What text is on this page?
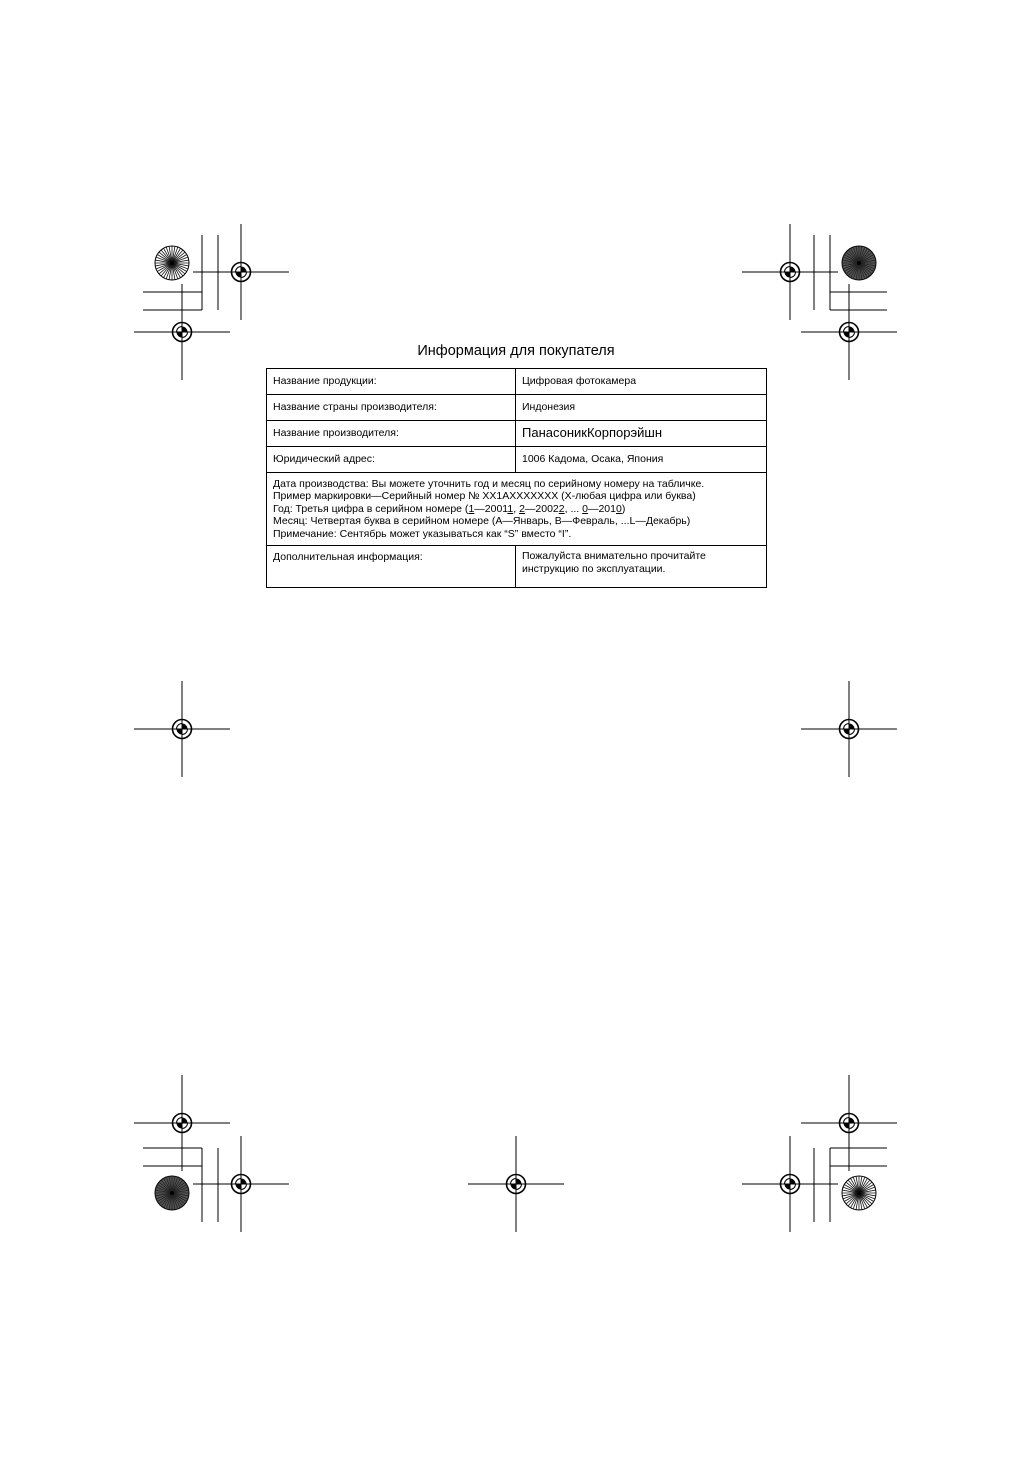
Информация для покупателя
Название продукции:	Цифровая фотокамера
Название страны производителя:	Индонезия
Название производителя:	ПанасоникКорпорэйшн
Юридический адрес:	1006 Кадома, Осака, Япония

Дата производства: Вы можете уточнить год и месяц по серийному номеру на табличке.
Пример маркировки—Серийный номер № XX1AXXXXXXX (X-любая цифра или буква)
Год: Третья цифра в серийном номере (1—20011, 2—20022, ... 0—2010)
Месяц: Четвертая буква в серийном номере (A—Январь, B—Февраль, ...L—Декабрь)
Примечание: Сентябрь может указываться как “S” вместо “I”.	

Дополнительная информация:	Пожалуйста внимательно прочитайте
инструкцию по эксплуатации.
